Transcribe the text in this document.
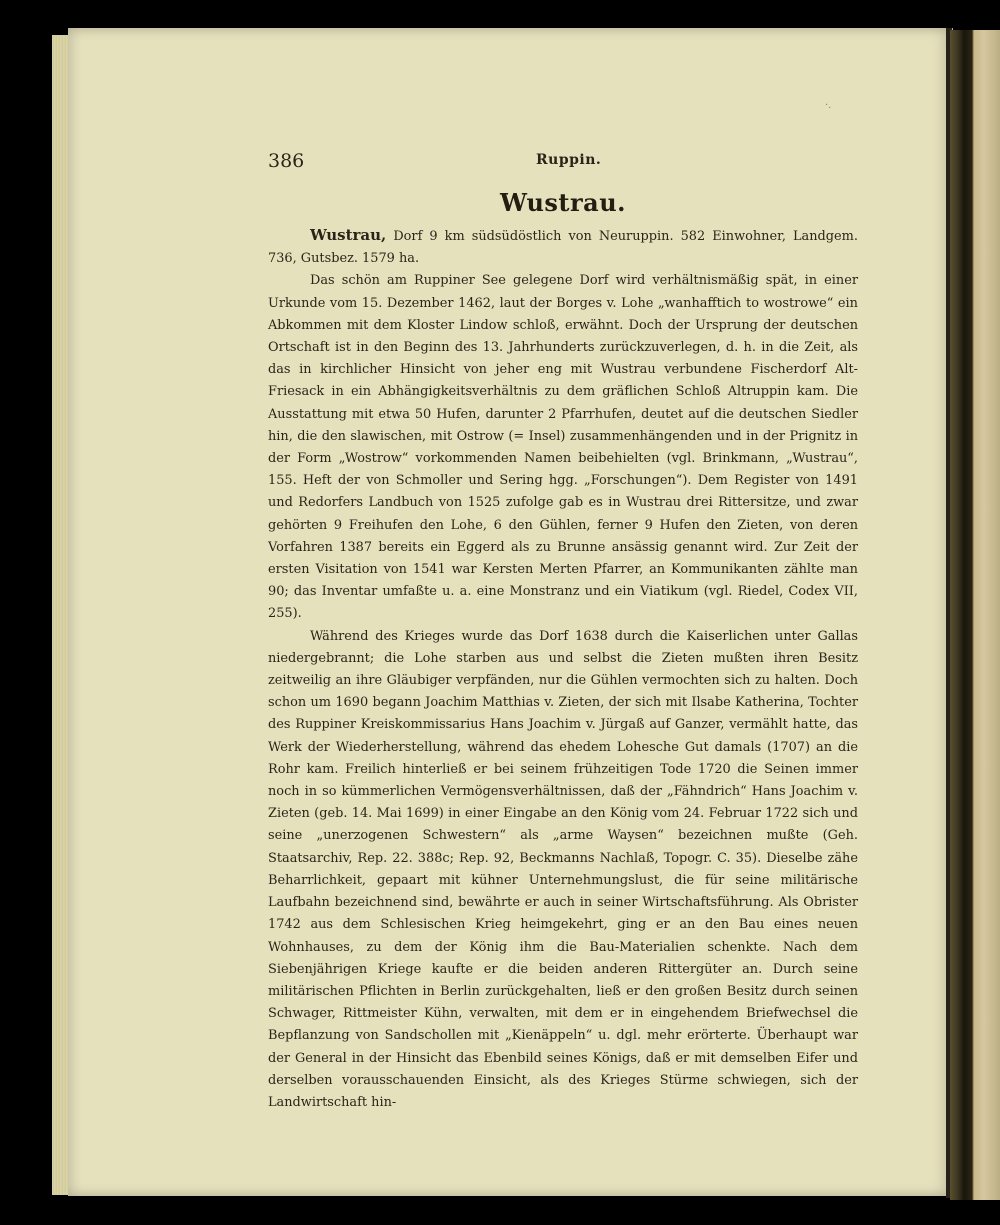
·.
386	Ruppin.
Wustrau.

Wustrau, Dorf 9 km südsüdöstlich von Neuruppin. 582 Einwohner, Landgem. 736, Gutsbez. 1579 ha.

Das schön am Ruppiner See gelegene Dorf wird verhältnismäßig spät, in einer Urkunde vom 15. Dezember 1462, laut der Borges v. Lohe „wanhafftich to wostrowe“ ein Abkommen mit dem Kloster Lindow schloß, erwähnt. Doch der Ursprung der deutschen Ortschaft ist in den Beginn des 13. Jahrhunderts zurückzuverlegen, d. h. in die Zeit, als das in kirchlicher Hinsicht von jeher eng mit Wustrau verbundene Fischerdorf Alt-Friesack in ein Abhängigkeitsverhältnis zu dem gräflichen Schloß Altruppin kam. Die Ausstattung mit etwa 50 Hufen, darunter 2 Pfarrhufen, deutet auf die deutschen Siedler hin, die den slawischen, mit Ostrow (= Insel) zusammenhängenden und in der Prignitz in der Form „Wostrow“ vorkommenden Namen beibehielten (vgl. Brinkmann, „Wustrau“, 155. Heft der von Schmoller und Sering hgg. „Forschungen“). Dem Register von 1491 und Redorfers Landbuch von 1525 zufolge gab es in Wustrau drei Rittersitze, und zwar gehörten 9 Freihufen den Lohe, 6 den Gühlen, ferner 9 Hufen den Zieten, von deren Vorfahren 1387 bereits ein Eggerd als zu Brunne ansässig genannt wird. Zur Zeit der ersten Visitation von 1541 war Kersten Merten Pfarrer, an Kommunikanten zählte man 90; das Inventar umfaßte u. a. eine Monstranz und ein Viatikum (vgl. Riedel, Codex VII, 255).

Während des Krieges wurde das Dorf 1638 durch die Kaiserlichen unter Gallas niedergebrannt; die Lohe starben aus und selbst die Zieten mußten ihren Besitz zeitweilig an ihre Gläubiger verpfänden, nur die Gühlen vermochten sich zu halten. Doch schon um 1690 begann Joachim Matthias v. Zieten, der sich mit Ilsabe Katherina, Tochter des Ruppiner Kreiskommissarius Hans Joachim v. Jürgaß auf Ganzer, vermählt hatte, das Werk der Wiederherstellung, während das ehedem Lohesche Gut damals (1707) an die Rohr kam. Freilich hinterließ er bei seinem frühzeitigen Tode 1720 die Seinen immer noch in so kümmerlichen Vermögensverhältnissen, daß der „Fähndrich“ Hans Joachim v. Zieten (geb. 14. Mai 1699) in einer Eingabe an den König vom 24. Februar 1722 sich und seine „unerzogenen Schwestern“ als „arme Waysen“ bezeichnen mußte (Geh. Staatsarchiv, Rep. 22. 388c; Rep. 92, Beckmanns Nachlaß, Topogr. C. 35). Dieselbe zähe Beharrlichkeit, gepaart mit kühner Unternehmungslust, die für seine militärische Laufbahn bezeichnend sind, bewährte er auch in seiner Wirtschaftsführung. Als Obrister 1742 aus dem Schlesischen Krieg heimgekehrt, ging er an den Bau eines neuen Wohnhauses, zu dem der König ihm die Bau-Materialien schenkte. Nach dem Siebenjährigen Kriege kaufte er die beiden anderen Rittergüter an. Durch seine militärischen Pflichten in Berlin zurückgehalten, ließ er den großen Besitz durch seinen Schwager, Rittmeister Kühn, verwalten, mit dem er in eingehendem Briefwechsel die Bepflanzung von Sandschollen mit „Kienäppeln“ u. dgl. mehr erörterte. Überhaupt war der General in der Hinsicht das Ebenbild seines Königs, daß er mit demselben Eifer und derselben vorausschauenden Einsicht, als des Krieges Stürme schwiegen, sich der Landwirtschaft hin-
